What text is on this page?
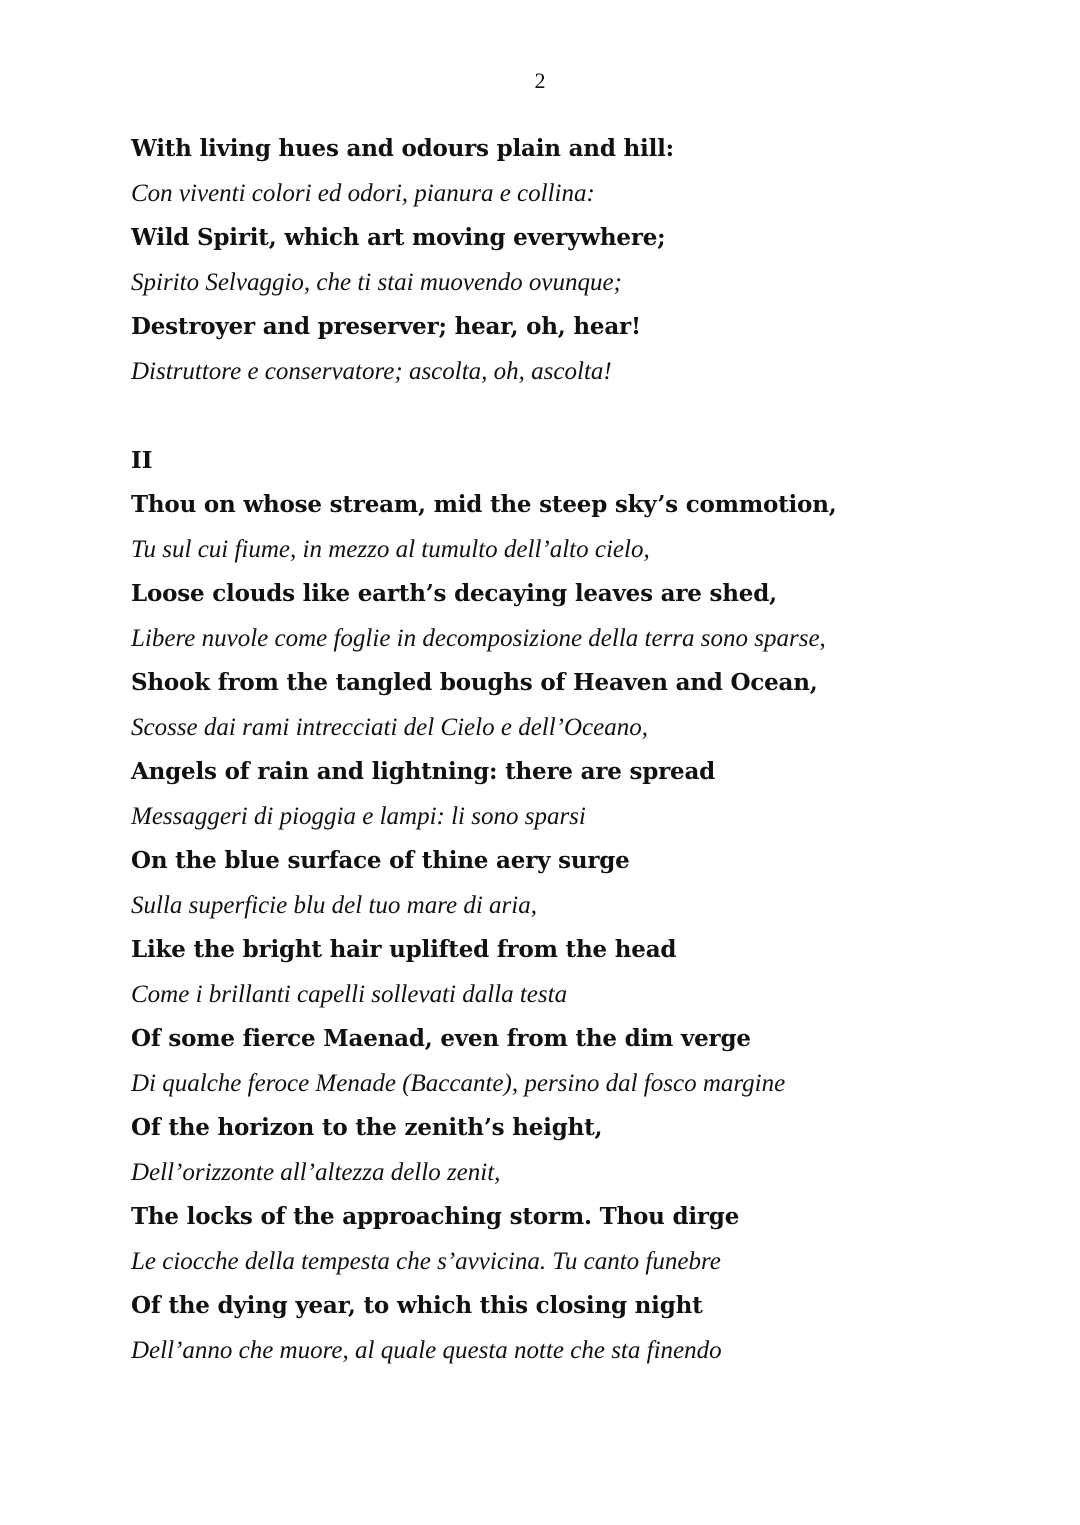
2
With living hues and odours plain and hill:
Con viventi colori ed odori, pianura e collina:
Wild Spirit, which art moving everywhere;
Spirito Selvaggio, che ti stai muovendo ovunque;
Destroyer and preserver; hear, oh, hear!
Distruttore e conservatore; ascolta, oh, ascolta!
II
Thou on whose stream, mid the steep sky’s commotion,
Tu sul cui fiume, in mezzo al tumulto dell’alto cielo,
Loose clouds like earth’s decaying leaves are shed,
Libere nuvole come foglie in decomposizione della terra sono sparse,
Shook from the tangled boughs of Heaven and Ocean,
Scosse dai rami intrecciati del Cielo e dell’Oceano,
Angels of rain and lightning: there are spread
Messaggeri di pioggia e lampi: li sono sparsi
On the blue surface of thine aery surge
Sulla superficie blu del tuo mare di aria,
Like the bright hair uplifted from the head
Come i brillanti capelli sollevati dalla testa
Of some fierce Maenad, even from the dim verge
Di qualche feroce Menade (Baccante), persino dal fosco margine
Of the horizon to the zenith’s height,
Dell’orizzonte all’altezza dello zenit,
The locks of the approaching storm. Thou dirge
Le ciocche della tempesta che s’avvicina. Tu canto funebre
Of the dying year, to which this closing night
Dell’anno che muore, al quale questa notte che sta finendo
